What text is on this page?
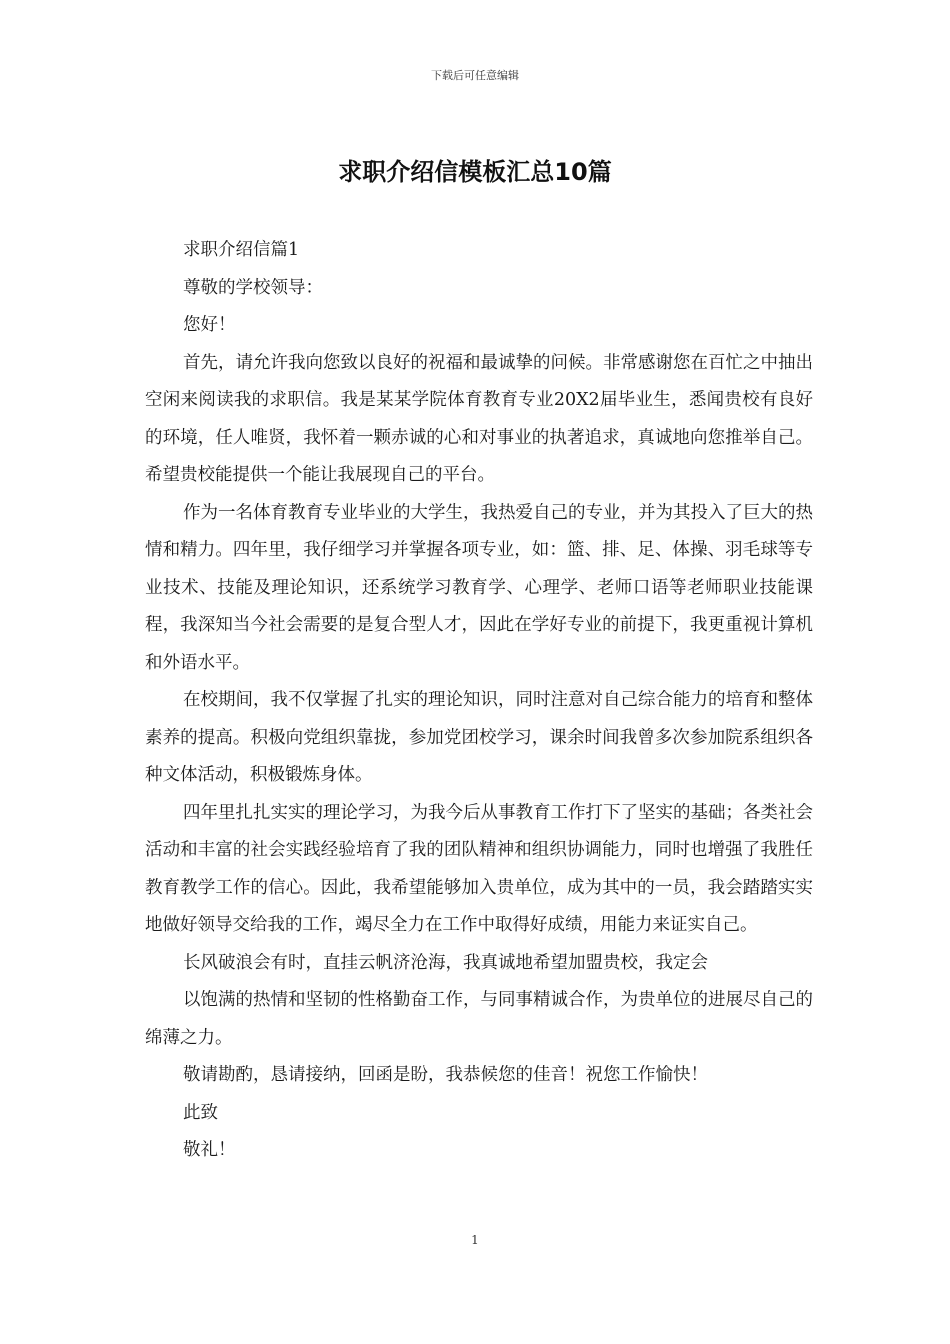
下载后可任意编辑
求职介绍信模板汇总10篇

求职介绍信篇1

尊敬的学校领导：

您好！

首先，请允许我向您致以良好的祝福和最诚挚的问候。非常感谢您在百忙之中抽出空闲来阅读我的求职信。我是某某学院体育教育专业20X2届毕业生，悉闻贵校有良好的环境，任人唯贤，我怀着一颗赤诚的心和对事业的执著追求，真诚地向您推举自己。希望贵校能提供一个能让我展现自己的平台。

作为一名体育教育专业毕业的大学生，我热爱自己的专业，并为其投入了巨大的热情和精力。四年里，我仔细学习并掌握各项专业，如：篮、排、足、体操、羽毛球等专业技术、技能及理论知识，还系统学习教育学、心理学、老师口语等老师职业技能课程，我深知当今社会需要的是复合型人才，因此在学好专业的前提下，我更重视计算机和外语水平。

在校期间，我不仅掌握了扎实的理论知识，同时注意对自己综合能力的培育和整体素养的提高。积极向党组织靠拢，参加党团校学习，课余时间我曾多次参加院系组织各种文体活动，积极锻炼身体。

四年里扎扎实实的理论学习，为我今后从事教育工作打下了坚实的基础；各类社会活动和丰富的社会实践经验培育了我的团队精神和组织协调能力，同时也增强了我胜任教育教学工作的信心。因此，我希望能够加入贵单位，成为其中的一员，我会踏踏实实地做好领导交给我的工作，竭尽全力在工作中取得好成绩，用能力来证实自己。

长风破浪会有时，直挂云帆济沧海，我真诚地希望加盟贵校，我定会

以饱满的热情和坚韧的性格勤奋工作，与同事精诚合作，为贵单位的进展尽自己的绵薄之力。

敬请勘酌，恳请接纳，回函是盼，我恭候您的佳音！祝您工作愉快！

此致

敬礼！

1
